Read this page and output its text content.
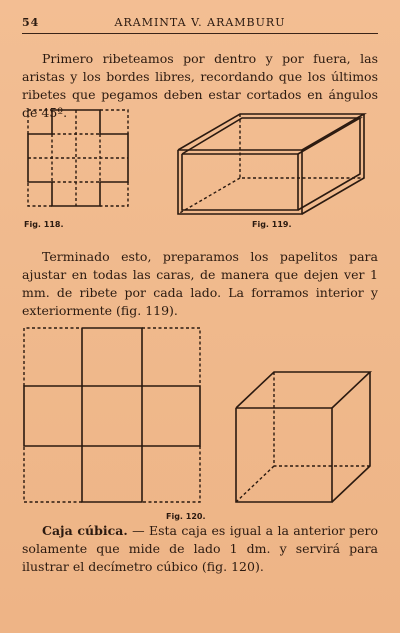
54	ARAMINTA V. ARAMBURU
Primero ribeteamos por dentro y por fuera, las aristas y los bordes libres, recordando que los últimos ribetes que pegamos deben estar cortados en ángulos de 45º.
Fig. 118.	Fig. 119.
Terminado esto, preparamos los papelitos para ajustar en todas las caras, de manera que dejen ver 1 mm. de ribete por cada lado. La forramos interior y exteriormente (fig. 119).
Fig. 120.
Caja cúbica. — Esta caja es igual a la anterior pero solamente que mide de lado 1 dm. y servirá para ilustrar el decímetro cúbico (fig. 120).
